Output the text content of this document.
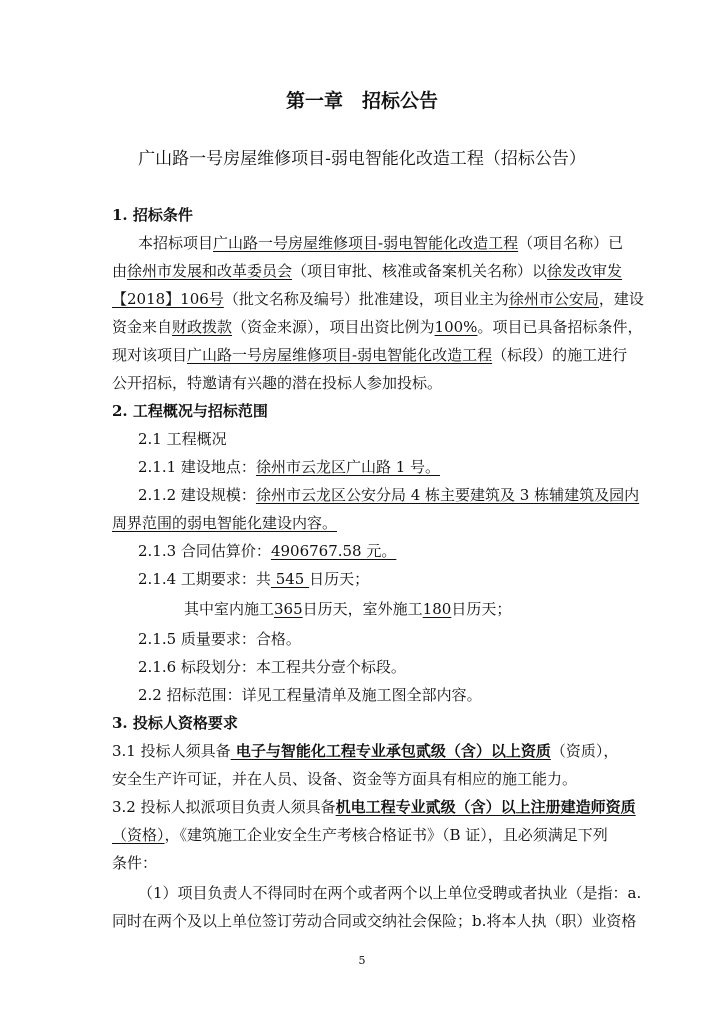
第一章　招标公告
广山路一号房屋维修项目-弱电智能化改造工程（招标公告）
1. 招标条件
本招标项目广山路一号房屋维修项目-弱电智能化改造工程（项目名称）已
由徐州市发展和改革委员会（项目审批、核准或备案机关名称）以徐发改审发
【2018】106号（批文名称及编号）批准建设，项目业主为徐州市公安局，建设
资金来自财政拨款（资金来源），项目出资比例为100%。项目已具备招标条件，
现对该项目广山路一号房屋维修项目-弱电智能化改造工程（标段）的施工进行
公开招标，特邀请有兴趣的潜在投标人参加投标。
2. 工程概况与招标范围
2.1 工程概况
2.1.1 建设地点：徐州市云龙区广山路 1 号。
2.1.2 建设规模：徐州市云龙区公安分局 4 栋主要建筑及 3 栋辅建筑及园内
周界范围的弱电智能化建设内容。
2.1.3 合同估算价：4906767.58 元。
2.1.4 工期要求：共 545 日历天；
其中室内施工365日历天，室外施工180日历天；
2.1.5 质量要求：合格。
2.1.6 标段划分：本工程共分壹个标段。
2.2 招标范围：详见工程量清单及施工图全部内容。
3. 投标人资格要求
3.1 投标人须具备 电子与智能化工程专业承包贰级（含）以上资质（资质），
安全生产许可证，并在人员、设备、资金等方面具有相应的施工能力。
3.2 投标人拟派项目负责人须具备机电工程专业贰级（含）以上注册建造师资质
（资格），《建筑施工企业安全生产考核合格证书》（B 证），且必须满足下列
条件：
（1）项目负责人不得同时在两个或者两个以上单位受聘或者执业（是指：a.
同时在两个及以上单位签订劳动合同或交纳社会保险；b.将本人执（职）业资格
5
